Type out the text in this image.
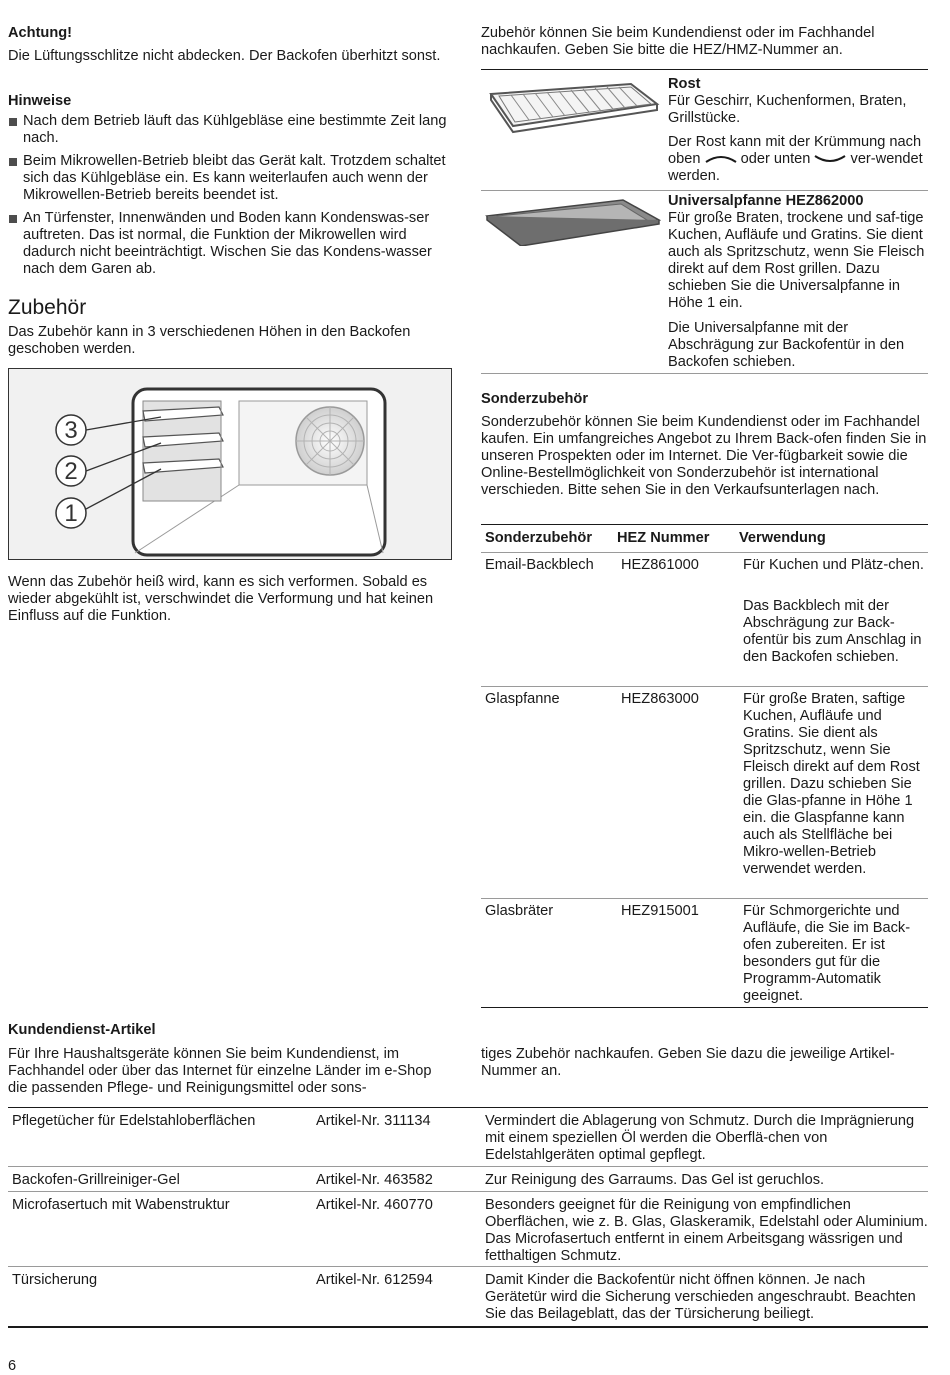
Achtung!

Die Lüftungsschlitze nicht abdecken. Der Backofen überhitzt sonst.

Hinweise

Nach dem Betrieb läuft das Kühlgebläse eine bestimmte Zeit lang nach.
Beim Mikrowellen-Betrieb bleibt das Gerät kalt. Trotzdem schaltet sich das Kühlgebläse ein. Es kann weiterlaufen auch wenn der Mikrowellen-Betrieb bereits beendet ist.
An Türfenster, Innenwänden und Boden kann Kondenswas-ser auftreten. Das ist normal, die Funktion der Mikrowellen wird dadurch nicht beeinträchtigt. Wischen Sie das Kondens-wasser nach dem Garen ab.
Zubehör

Das Zubehör kann in 3 verschiedenen Höhen in den Backofen geschoben werden.

3
2
1

Wenn das Zubehör heiß wird, kann es sich verformen. Sobald es wieder abgekühlt ist, verschwindet die Verformung und hat keinen Einfluss auf die Funktion.

Zubehör können Sie beim Kundendienst oder im Fachhandel nachkaufen. Geben Sie bitte die HEZ/HMZ-Nummer an.

Rost

Für Geschirr, Kuchenformen, Braten, Grillstücke.

Der Rost kann mit der Krümmung nach oben	oder unten	ver-wendet werden.

Universalpfanne HEZ862000

Für große Braten, trockene und saf-tige Kuchen, Aufläufe und Gratins. Sie dient auch als Spritzschutz, wenn Sie Fleisch direkt auf dem Rost grillen. Dazu schieben Sie die Universalpfanne in Höhe 1 ein.

Die Universalpfanne mit der Abschrägung zur Backofentür in den Backofen schieben.

Sonderzubehör

Sonderzubehör können Sie beim Kundendienst oder im Fachhandel kaufen. Ein umfangreiches Angebot zu Ihrem Back-ofen finden Sie in unseren Prospekten oder im Internet. Die Ver-fügbarkeit sowie die Online-Bestellmöglichkeit von Sonderzubehör ist international verschieden. Bitte sehen Sie in den Verkaufsunterlagen nach.

Sonderzubehör	HEZ Nummer	Verwendung

Email-Backblech	HEZ861000	Für Kuchen und Plätz-chen.

Das Backblech mit der Abschrägung zur Back-ofentür bis zum Anschlag in den Backofen schieben.

Glaspfanne	HEZ863000	Für große Braten, saftige Kuchen, Aufläufe und Gratins. Sie dient als Spritzschutz, wenn Sie Fleisch direkt auf dem Rost grillen. Dazu schieben Sie die Glas-pfanne in Höhe 1 ein. die Glaspfanne kann auch als Stellfläche bei Mikro-wellen-Betrieb verwendet werden.

Glasbräter	HEZ915001	Für Schmorgerichte und Aufläufe, die Sie im Back-ofen zubereiten. Er ist besonders gut für die Programm-Automatik geeignet.

Kundendienst-Artikel

Für Ihre Haushaltsgeräte können Sie beim Kundendienst, im Fachhandel oder über das Internet für einzelne Länder im e-Shop die passenden Pflege- und Reinigungsmittel oder sons-

tiges Zubehör nachkaufen. Geben Sie dazu die jeweilige Artikel-Nummer an.

Pflegetücher für Edelstahloberflächen	Artikel-Nr. 311134	Vermindert die Ablagerung von Schmutz. Durch die Imprägnierung mit einem speziellen Öl werden die Oberflä-chen von Edelstahlgeräten optimal gepflegt.

Backofen-Grillreiniger-Gel	Artikel-Nr. 463582	Zur Reinigung des Garraums. Das Gel ist geruchlos.

Microfasertuch mit Wabenstruktur	Artikel-Nr. 460770	Besonders geeignet für die Reinigung von empfindlichen Oberflächen, wie z. B. Glas, Glaskeramik, Edelstahl oder Aluminium. Das Microfasertuch entfernt in einem Arbeitsgang wässrigen und fetthaltigen Schmutz.

Türsicherung	Artikel-Nr. 612594	Damit Kinder die Backofentür nicht öffnen können. Je nach Gerätetür wird die Sicherung verschieden angeschraubt. Beachten Sie das Beilageblatt, das der Türsicherung beiliegt.

6
